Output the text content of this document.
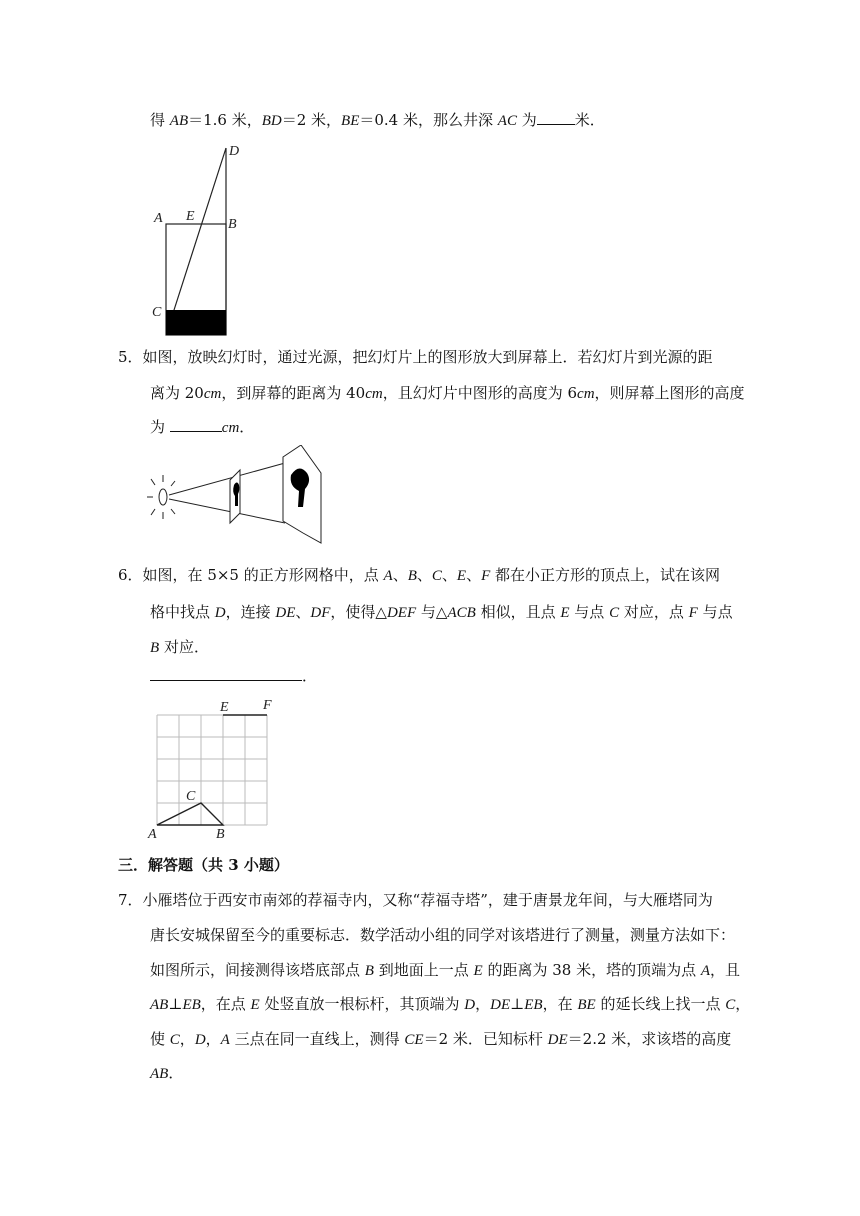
得 AB＝1.6 米，BD＝2 米，BE＝0.4 米，那么井深 AC 为	米．
D
A E
B
C
5．如图，放映幻灯时，通过光源，把幻灯片上的图形放大到屏幕上．若幻灯片到光源的距
离为 20cm，到屏幕的距离为 40cm，且幻灯片中图形的高度为 6cm，则屏幕上图形的高度
为	cm．
6．如图，在 5×5 的正方形网格中，点 A、B、C、E、F 都在小正方形的顶点上，试在该网
格中找点 D，连接 DE、DF，使得△DEF 与△ACB 相似，且点 E 与点 C 对应，点 F 与点
B 对应．
．
E F
C
A	B
三．解答题（共 3 小题）
7．小雁塔位于西安市南郊的荐福寺内，又称“荐福寺塔”，建于唐景龙年间，与大雁塔同为
唐长安城保留至今的重要标志．数学活动小组的同学对该塔进行了测量，测量方法如下：
如图所示，间接测得该塔底部点 B 到地面上一点 E 的距离为 38 米，塔的顶端为点 A，且
AB⊥EB，在点 E 处竖直放一根标杆，其顶端为 D，DE⊥EB，在 BE 的延长线上找一点 C，
使 C，D，A 三点在同一直线上，测得 CE＝2 米．已知标杆 DE＝2.2 米，求该塔的高度
AB．
